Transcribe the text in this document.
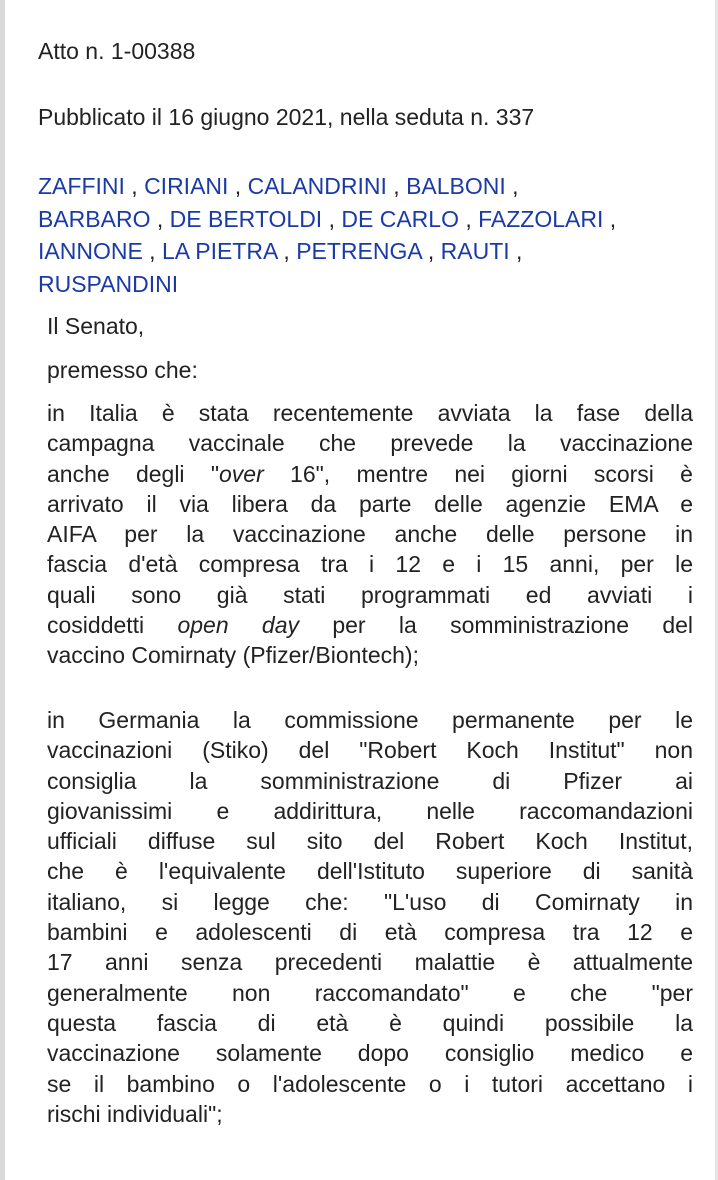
Atto n. 1-00388
Pubblicato il 16 giugno 2021, nella seduta n. 337
ZAFFINI , CIRIANI , CALANDRINI , BALBONI ,
BARBARO , DE BERTOLDI , DE CARLO , FAZZOLARI ,
IANNONE , LA PIETRA , PETRENGA , RAUTI ,
RUSPANDINI
Il Senato,
premesso che:
in Italia è stata recentemente avviata la fase della
campagna vaccinale che prevede la vaccinazione
anche degli "over 16", mentre nei giorni scorsi è
arrivato il via libera da parte delle agenzie EMA e
AIFA per la vaccinazione anche delle persone in
fascia d'età compresa tra i 12 e i 15 anni, per le
quali sono già stati programmati ed avviati i
cosiddetti open day per la somministrazione del
vaccino Comirnaty (Pfizer/Biontech);
in Germania la commissione permanente per le
vaccinazioni (Stiko) del "Robert Koch Institut" non
consiglia la somministrazione di Pfizer ai
giovanissimi e addirittura, nelle raccomandazioni
ufficiali diffuse sul sito del Robert Koch Institut,
che è l'equivalente dell'Istituto superiore di sanità
italiano, si legge che: "L'uso di Comirnaty in
bambini e adolescenti di età compresa tra 12 e
17 anni senza precedenti malattie è attualmente
generalmente non raccomandato" e che "per
questa fascia di età è quindi possibile la
vaccinazione solamente dopo consiglio medico e
se il bambino o l'adolescente o i tutori accettano i
rischi individuali";
